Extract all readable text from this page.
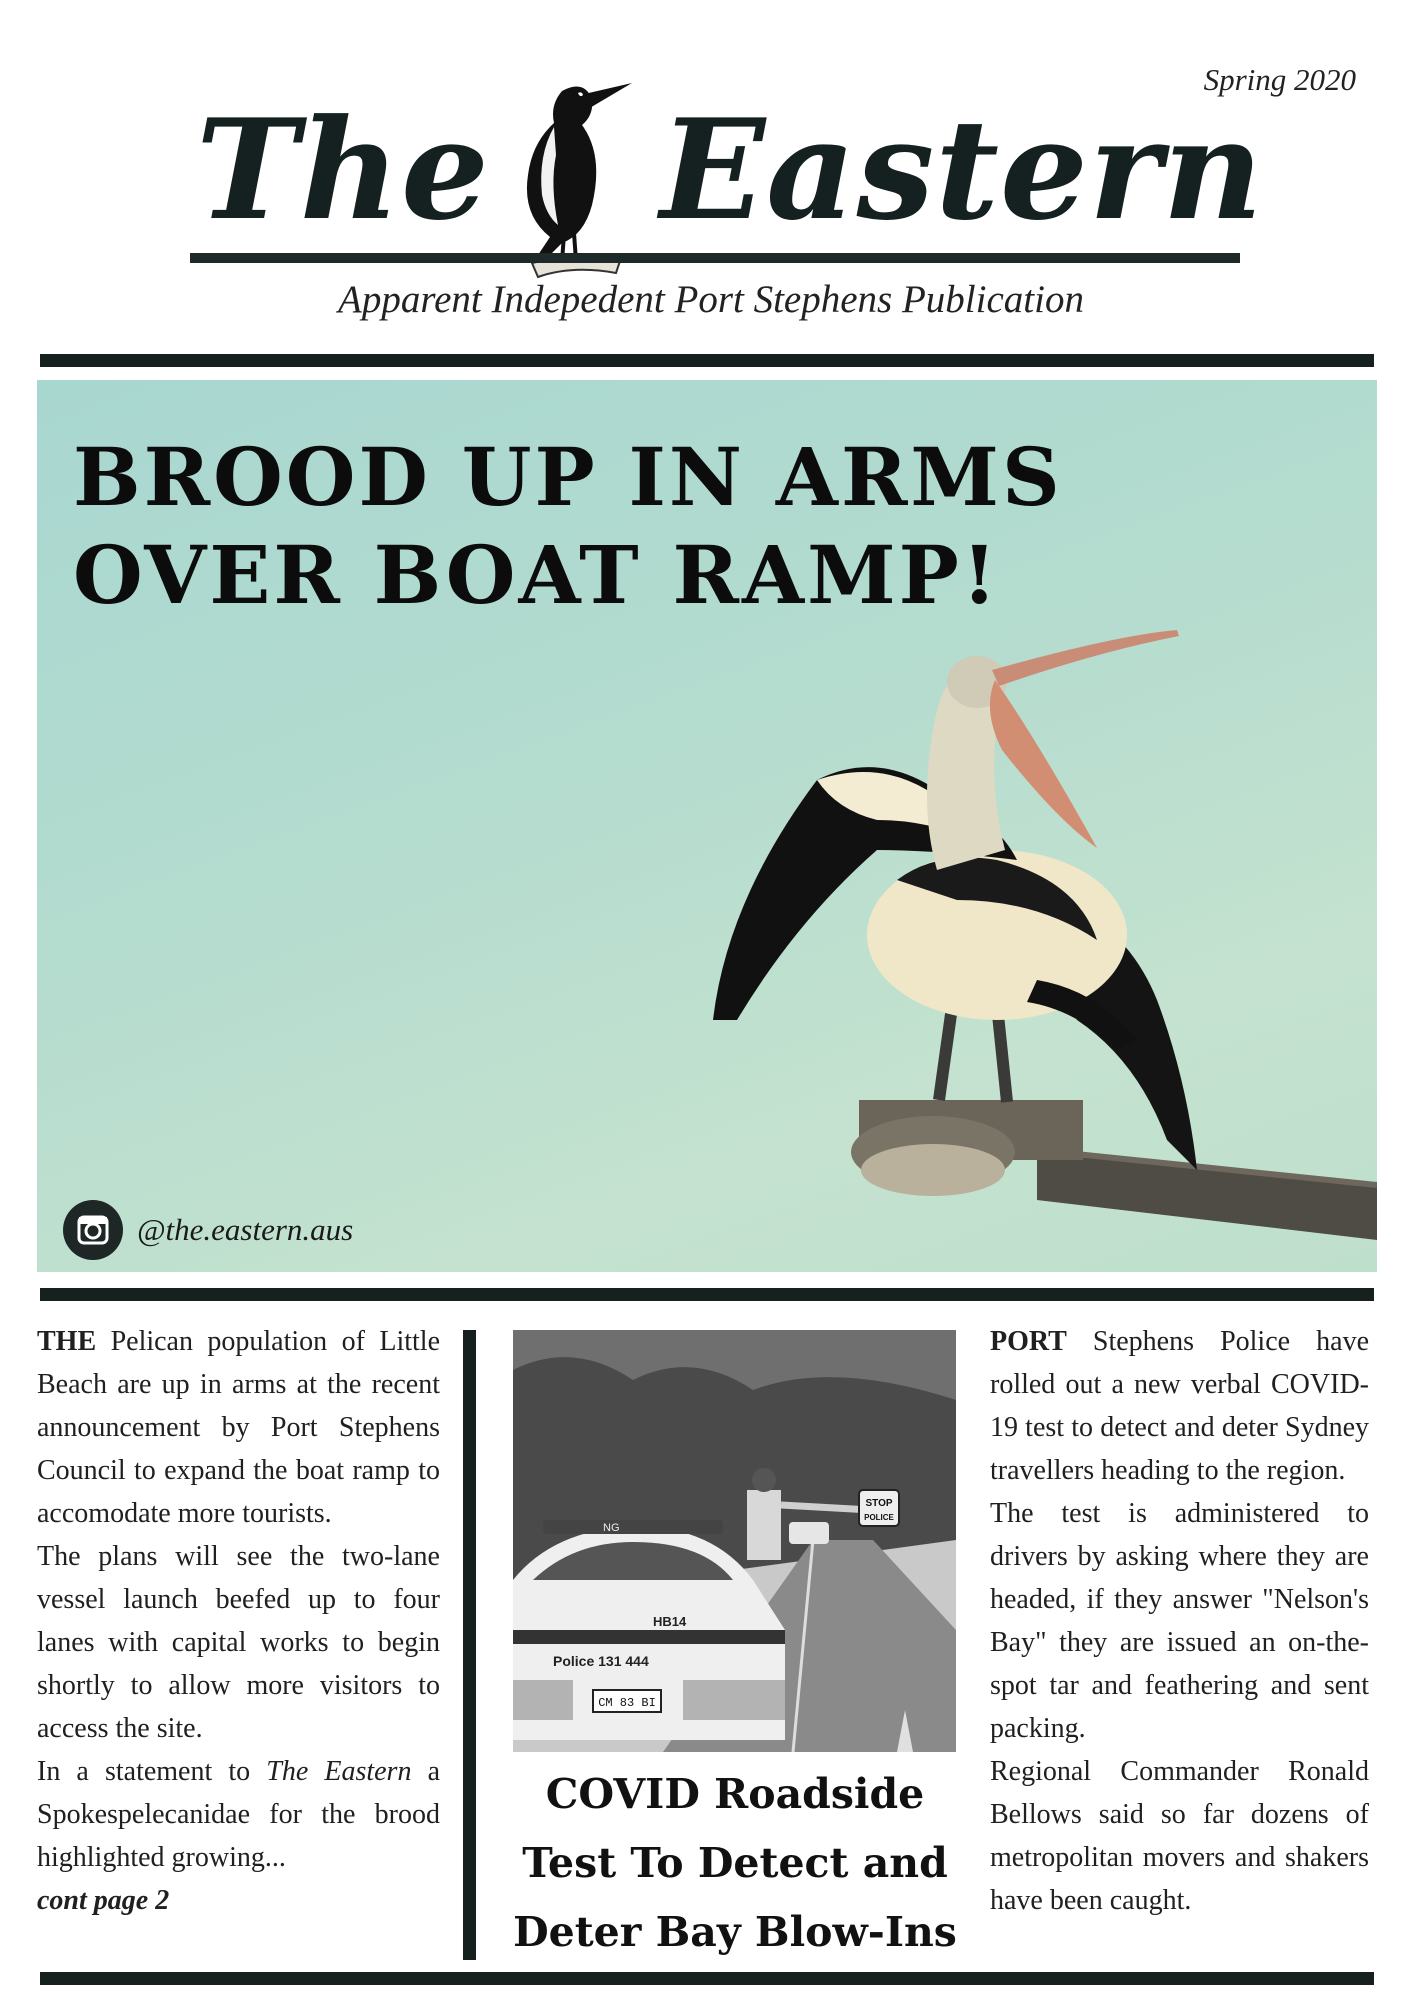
Spring 2020
The Eastern
Apparent Indepedent Port Stephens Publication
BROOD UP IN ARMS
OVER BOAT RAMP!
@the.eastern.aus

THE Pelican population of Little Beach are up in arms at the recent announcement by Port Stephens Council to expand the boat ramp to accomodate more tourists.

The plans will see the two-lane vessel launch beefed up to four lanes with capital works to begin shortly to allow more visitors to access the site.

In a statement to The Eastern a Spokespelecanidae for the brood highlighted growing...

cont page 2
STOP
POLICE
NG
HB14
Police 131 444
CM 83 BI
COVID Roadside
Test To Detect and
Deter Bay Blow-Ins

PORT Stephens Police have rolled out a new verbal COVID-19 test to detect and deter Sydney travellers heading to the region.

The test is administered to drivers by asking where they are headed, if they answer "Nelson's Bay" they are issued an on-the-spot tar and feathering and sent packing.

Regional Commander Ronald Bellows said so far dozens of metropolitan movers and shakers have been caught.
